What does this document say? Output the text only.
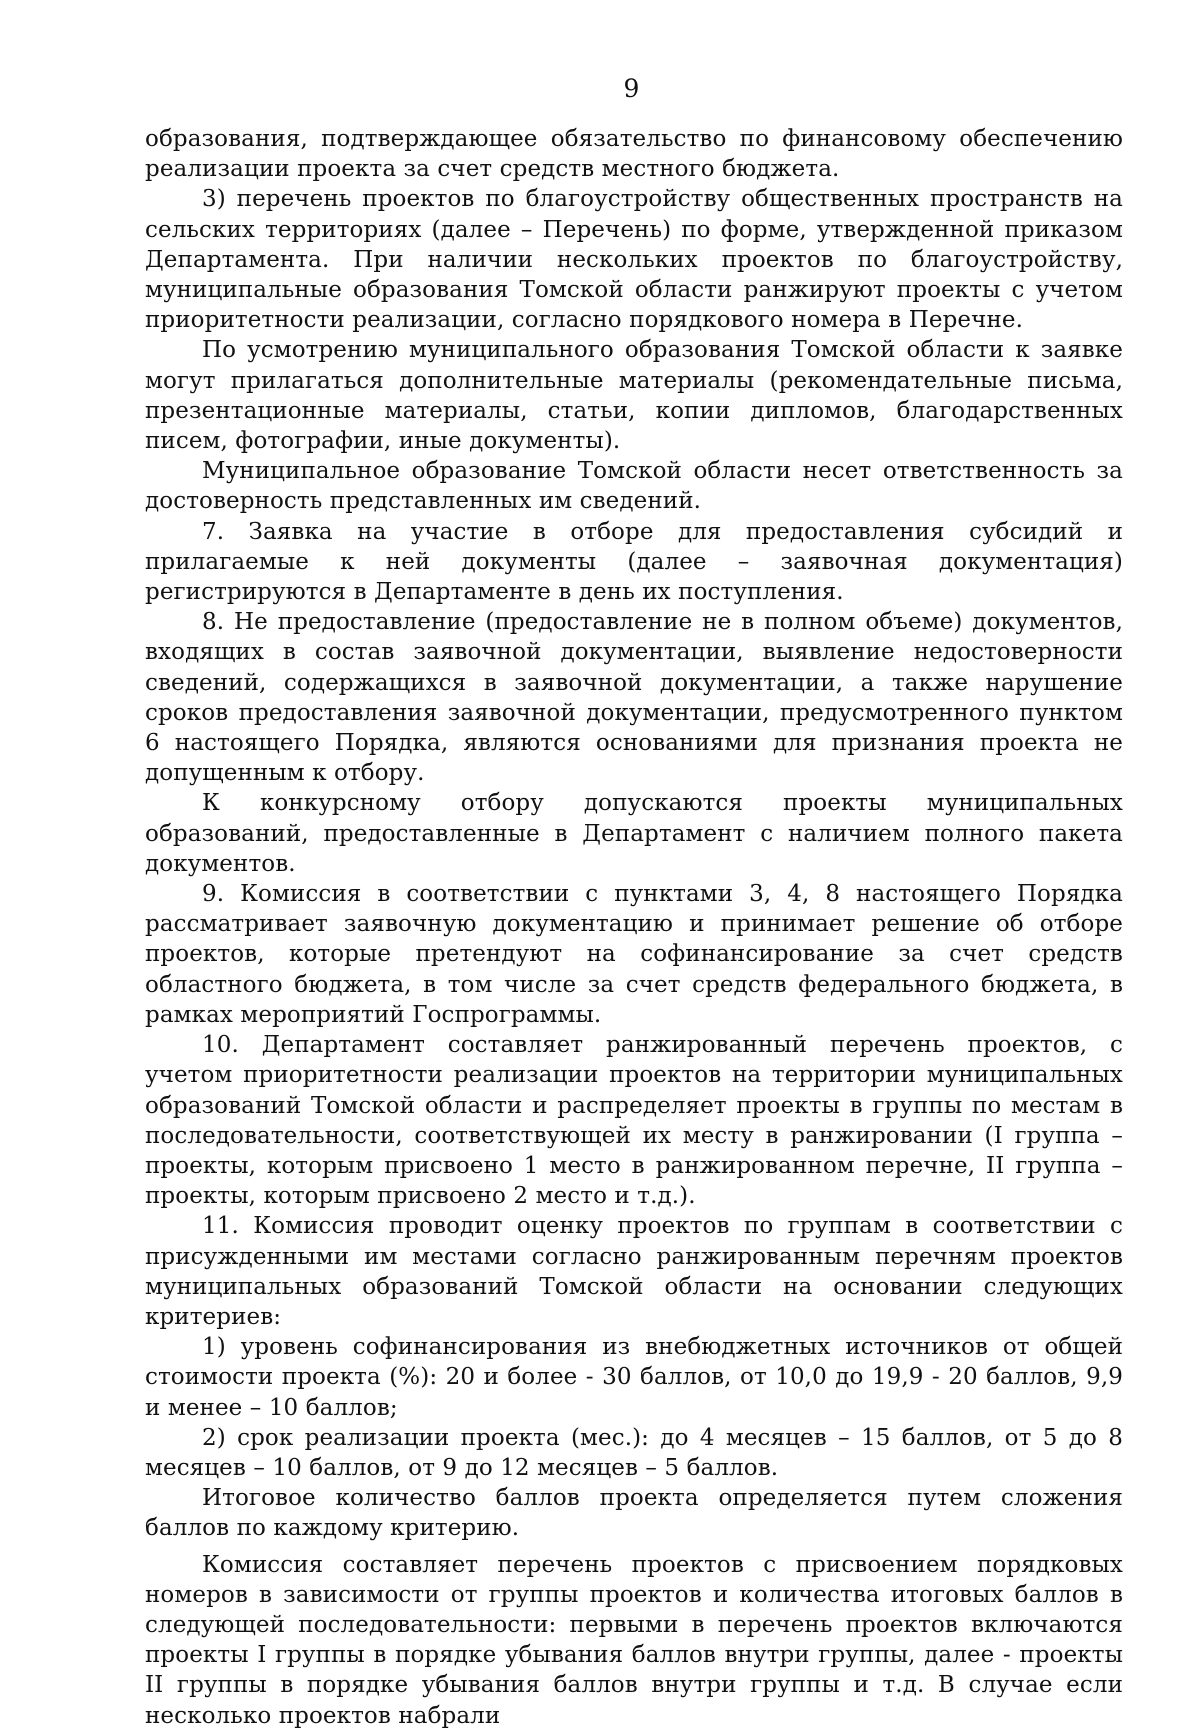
9

образования, подтверждающее обязательство по финансовому обеспечению реализации проекта за счет средств местного бюджета.

3) перечень проектов по благоустройству общественных пространств на сельских территориях (далее – Перечень) по форме, утвержденной приказом Департамента. При наличии нескольких проектов по благоустройству, муниципальные образования Томской области ранжируют проекты с учетом приоритетности реализации, согласно порядкового номера в Перечне.

По усмотрению муниципального образования Томской области к заявке могут прилагаться дополнительные материалы (рекомендательные письма, презентационные материалы, статьи, копии дипломов, благодарственных писем, фотографии, иные документы).

Муниципальное образование Томской области несет ответственность за достоверность представленных им сведений.

7. Заявка на участие в отборе для предоставления субсидий и прилагаемые к ней документы (далее – заявочная документация) регистрируются в Департаменте в день их поступления.

8. Не предоставление (предоставление не в полном объеме) документов, входящих в состав заявочной документации, выявление недостоверности сведений, содержащихся в заявочной документации, а также нарушение сроков предоставления заявочной документации, предусмотренного пунктом 6 настоящего Порядка, являются основаниями для признания проекта не допущенным к отбору.

К конкурсному отбору допускаются проекты муниципальных образований, предоставленные в Департамент с наличием полного пакета документов.

9. Комиссия в соответствии с пунктами 3, 4, 8 настоящего Порядка рассматривает заявочную документацию и принимает решение об отборе проектов, которые претендуют на софинансирование за счет средств областного бюджета, в том числе за счет средств федерального бюджета, в рамках мероприятий Госпрограммы.

10. Департамент составляет ранжированный перечень проектов, с учетом приоритетности реализации проектов на территории муниципальных образований Томской области и распределяет проекты в группы по местам в последовательности, соответствующей их месту в ранжировании (I группа – проекты, которым присвоено 1 место в ранжированном перечне, II группа – проекты, которым присвоено 2 место и т.д.).

11. Комиссия проводит оценку проектов по группам в соответствии с присужденными им местами согласно ранжированным перечням проектов муниципальных образований Томской области на основании следующих критериев:

1) уровень софинансирования из внебюджетных источников от общей стоимости проекта (%): 20 и более - 30 баллов, от 10,0 до 19,9 - 20 баллов, 9,9 и менее – 10 баллов;

2) срок реализации проекта (мес.): до 4 месяцев – 15 баллов, от 5 до 8 месяцев – 10 баллов, от 9 до 12 месяцев – 5 баллов.

Итоговое количество баллов проекта определяется путем сложения баллов по каждому критерию.

Комиссия составляет перечень проектов с присвоением порядковых номеров в зависимости от группы проектов и количества итоговых баллов в следующей последовательности: первыми в перечень проектов включаются проекты I группы в порядке убывания баллов внутри группы, далее - проекты II группы в порядке убывания баллов внутри группы и т.д. В случае если несколько проектов набрали
